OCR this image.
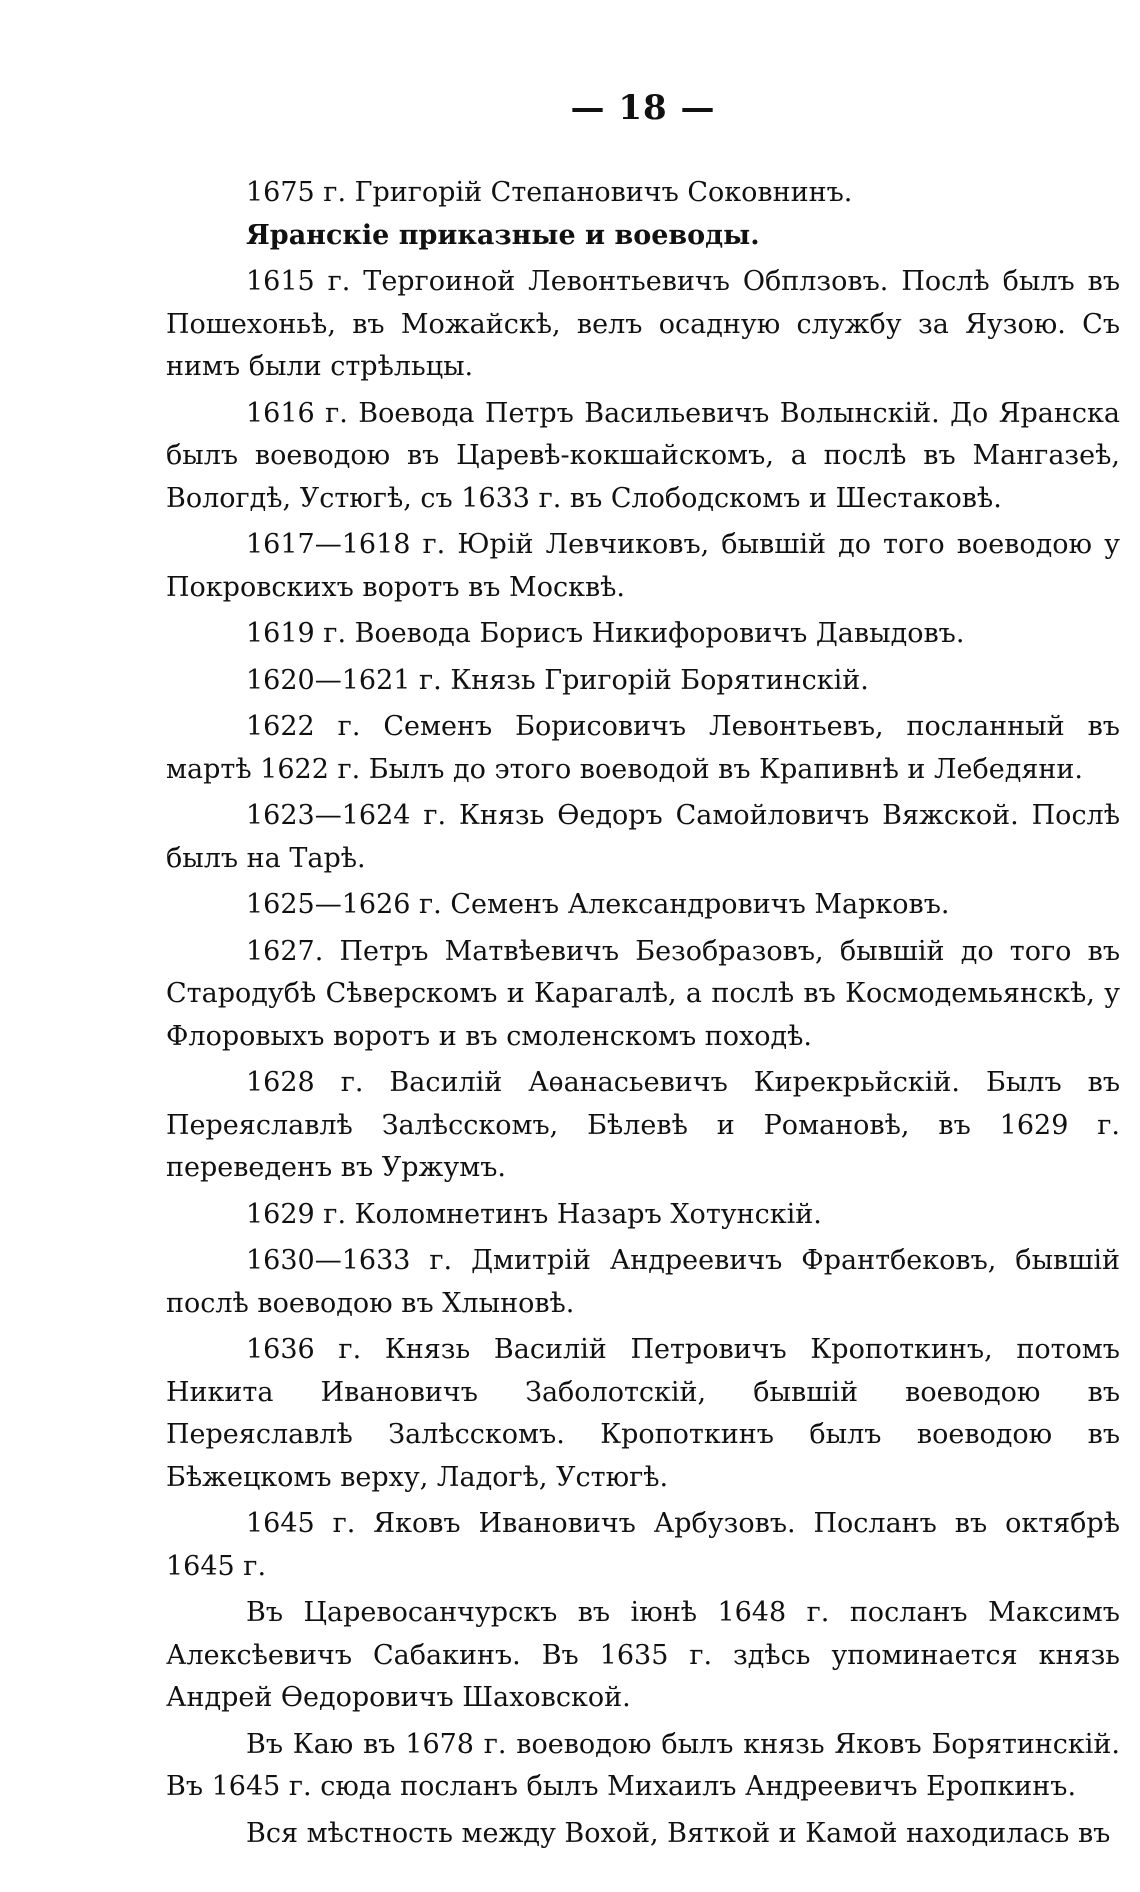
— 18 —

1675 г. Григорій Степановичъ Соковнинъ.

Яранскіе приказные и воеводы.

1615 г. Тергоиной Левонтьевичъ Обплзовъ. Послѣ былъ въ Пошехоньѣ, въ Можайскѣ, велъ осадную службу за Яузою. Съ нимъ были стрѣльцы.

1616 г. Воевода Петръ Васильевичъ Волынскій. До Яранска былъ воеводою въ Царевѣ-кокшайскомъ, а послѣ въ Мангазеѣ, Вологдѣ, Устюгѣ, съ 1633 г. въ Слободскомъ и Шестаковѣ.

1617—1618 г. Юрій Левчиковъ, бывшій до того воеводою у Покровскихъ воротъ въ Москвѣ.

1619 г. Воевода Борисъ Никифоровичъ Давыдовъ.

1620—1621 г. Князь Григорій Борятинскій.

1622 г. Семенъ Борисовичъ Левонтьевъ, посланный въ мартѣ 1622 г. Былъ до этого воеводой въ Крапивнѣ и Лебедяни.

1623—1624 г. Князь Өедоръ Самойловичъ Вяжской. Послѣ былъ на Тарѣ.

1625—1626 г. Семенъ Александровичъ Марковъ.

1627. Петръ Матвѣевичъ Безобразовъ, бывшій до того въ Стародубѣ Сѣверскомъ и Карагалѣ, а послѣ въ Космодемьянскѣ, у Флоровыхъ воротъ и въ смоленскомъ походѣ.

1628 г. Василій Аѳанасьевичъ Кирекрьйскій. Былъ въ Переяславлѣ Залѣсскомъ, Бѣлевѣ и Романовѣ, въ 1629 г. переведенъ въ Уржумъ.

1629 г. Коломнетинъ Назаръ Хотунскій.

1630—1633 г. Дмитрій Андреевичъ Франтбековъ, бывшій послѣ воеводою въ Хлыновѣ.

1636 г. Князь Василій Петровичъ Кропоткинъ, потомъ Никита Ивановичъ Заболотскій, бывшій воеводою въ Переяславлѣ Залѣсскомъ. Кропоткинъ былъ воеводою въ Бѣжецкомъ верху, Ладогѣ, Устюгѣ.

1645 г. Яковъ Ивановичъ Арбузовъ. Посланъ въ октябрѣ 1645 г.

Въ Царевосанчурскъ въ іюнѣ 1648 г. посланъ Максимъ Алексѣевичъ Сабакинъ. Въ 1635 г. здѣсь упоминается князь Андрей Өедоровичъ Шаховской.

Въ Каю въ 1678 г. воеводою былъ князь Яковъ Борятинскій. Въ 1645 г. сюда посланъ былъ Михаилъ Андреевичъ Еропкинъ.

Вся мѣстность между Вохой, Вяткой и Камой находилась въ
